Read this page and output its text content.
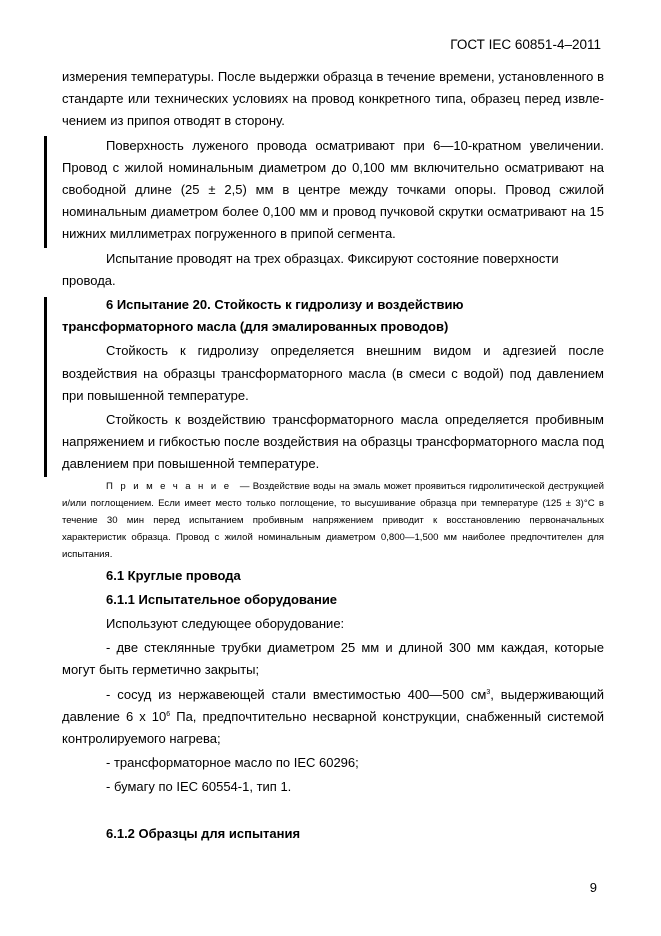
ГОСТ IEC 60851-4–2011

измерения температуры. После выдержки образца в течение времени, установленного в стандарте или технических условиях на провод конкретного типа, образец перед извле-чением из припоя отводят в сторону.

Поверхность луженого провода осматривают при 6—10-кратном увеличении. Провод с жилой номинальным диаметром до 0,100 мм включительно осматривают на свободной длине (25 ± 2,5) мм в центре между точками опоры. Провод сжилой номинальным диаметром более 0,100 мм и провод пучковой скрутки осматривают на 15 нижних миллиметрах погруженного в припой сегмента.

Испытание проводят на трех образцах. Фиксируют состояние поверхности

провода.

6 Испытание 20. Стойкость к гидролизу и воздействию

трансформаторного масла (для эмалированных проводов)

Стойкость к гидролизу определяется внешним видом и адгезией после воздействия на образцы трансформаторного масла (в смеси с водой) под давлением при повышенной температуре.

Стойкость к воздействию трансформаторного масла определяется пробивным напряжением и гибкостью после воздействия на образцы трансформаторного масла под давлением при повышенной температуре.

Примечание — Воздействие воды на эмаль может проявиться гидролитической деструкцией и/или поглощением. Если имеет место только поглощение, то высушивание образца при температуре (125 ± 3)°С в течение 30 мин перед испытанием пробивным напряжением приводит к восстановлению первоначальных характеристик образца. Провод с жилой номинальным диаметром 0,800—1,500 мм наиболее предпочтителен для испытания.

6.1 Круглые провода

6.1.1 Испытательное оборудование

Используют следующее оборудование:

- две стеклянные трубки диаметром 25 мм и длиной 300 мм каждая, которые могут быть герметично закрыты;

- сосуд из нержавеющей стали вместимостью 400—500 $см^3$, выдерживающий давление 6 х $10^6$ Па, предпочтительно несварной конструкции, снабженный системой контролируемого нагрева;

- трансформаторное масло по IEC 60296;

- бумагу по IEC 60554-1, тип 1.

6.1.2 Образцы для испытания

9
